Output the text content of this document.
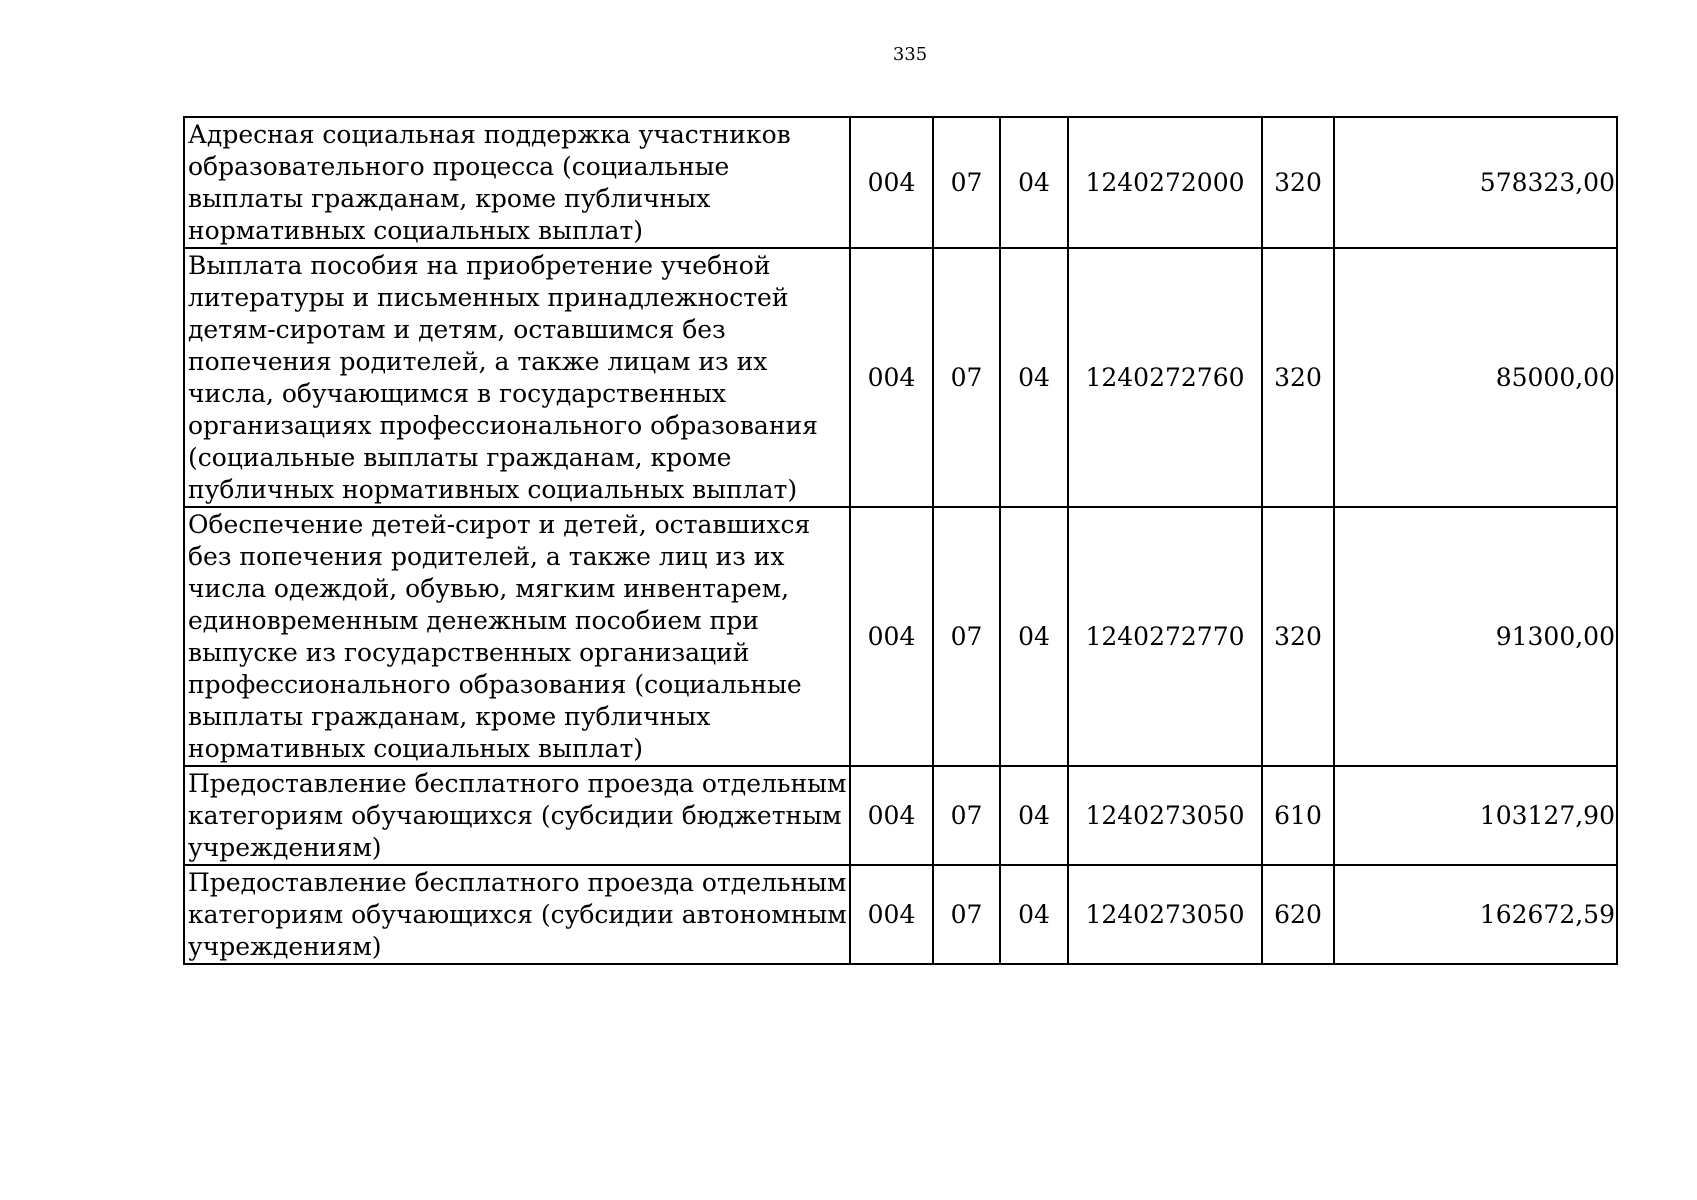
335
Адресная социальная поддержка участников образовательного процесса (социальные выплаты гражданам, кроме публичных нормативных социальных выплат)	004	07	04	1240272000	320	578323,00
Выплата пособия на приобретение учебной литературы и письменных принадлежностей детям-сиротам и детям, оставшимся без попечения родителей, а также лицам из их числа, обучающимся в государственных организациях профессионального образования (социальные выплаты гражданам, кроме публичных нормативных социальных выплат)	004	07	04	1240272760	320	85000,00
Обеспечение детей-сирот и детей, оставшихся без попечения родителей, а также лиц из их числа одеждой, обувью, мягким инвентарем, единовременным денежным пособием при выпуске из государственных организаций профессионального образования (социальные выплаты гражданам, кроме публичных нормативных социальных выплат)	004	07	04	1240272770	320	91300,00
Предоставление бесплатного проезда отдельным категориям обучающихся (субсидии бюджетным учреждениям)	004	07	04	1240273050	610	103127,90
Предоставление бесплатного проезда отдельным категориям обучающихся (субсидии автономным учреждениям)	004	07	04	1240273050	620	162672,59
